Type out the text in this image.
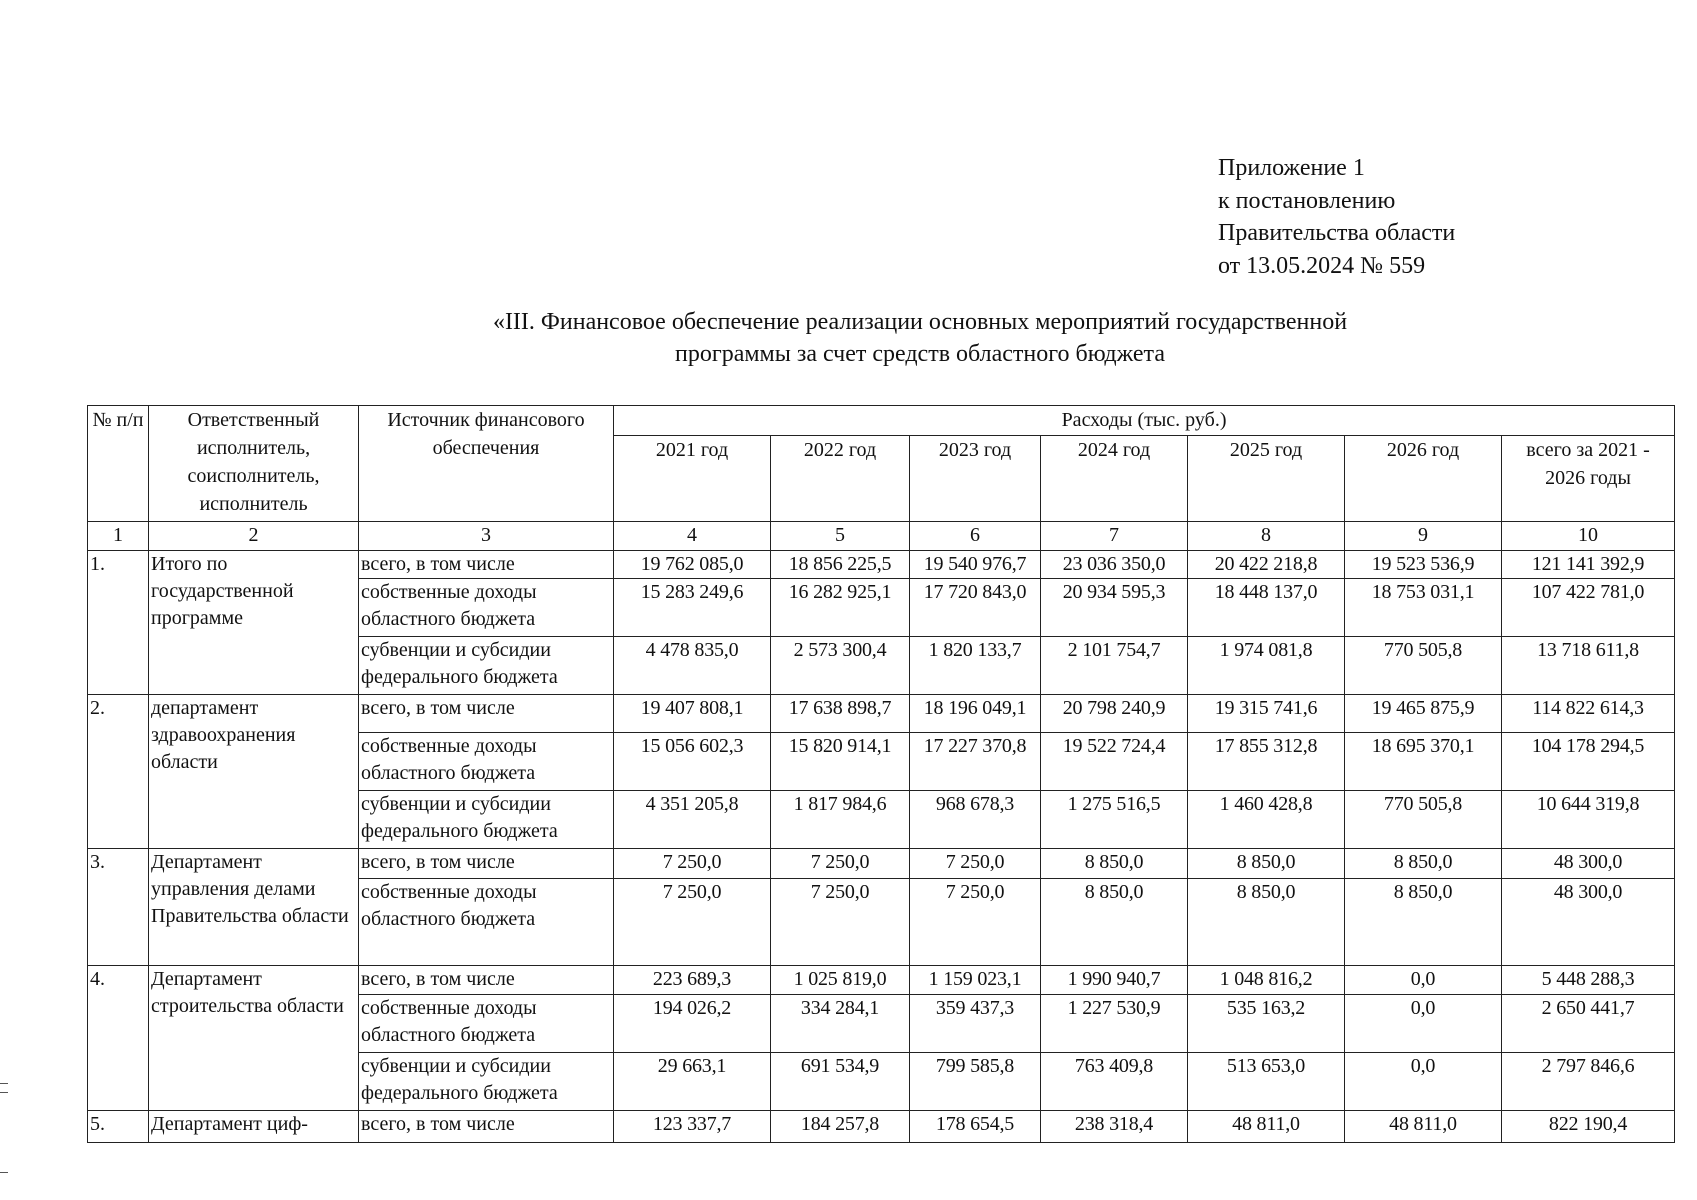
Приложение 1
к постановлению
Правительства области
от 13.05.2024 № 559
«III. Финансовое обеспечение реализации основных мероприятий государственной
программы за счет средств областного бюджета
№ п/п	Ответственный исполнитель, соисполнитель, исполнитель	Источник финансового обеспечения	Расходы (тыс. руб.)						
			2021 год	2022 год	2023 год	2024 год	2025 год	2026 год	всего за 2021 - 2026 годы
1	2	3	4	5	6	7	8	9	10
1.	Итого по государственной программе	всего, в том числе	19 762 085,0	18 856 225,5	19 540 976,7	23 036 350,0	20 422 218,8	19 523 536,9	121 141 392,9
		собственные доходы областного бюджета	15 283 249,6	16 282 925,1	17 720 843,0	20 934 595,3	18 448 137,0	18 753 031,1	107 422 781,0
		субвенции и субсидии федерального бюджета	4 478 835,0	2 573 300,4	1 820 133,7	2 101 754,7	1 974 081,8	770 505,8	13 718 611,8
2.	департамент здравоохранения области	всего, в том числе	19 407 808,1	17 638 898,7	18 196 049,1	20 798 240,9	19 315 741,6	19 465 875,9	114 822 614,3
		собственные доходы областного бюджета	15 056 602,3	15 820 914,1	17 227 370,8	19 522 724,4	17 855 312,8	18 695 370,1	104 178 294,5
		субвенции и субсидии федерального бюджета	4 351 205,8	1 817 984,6	968 678,3	1 275 516,5	1 460 428,8	770 505,8	10 644 319,8
3.	Департамент управления делами Правительства области	всего, в том числе	7 250,0	7 250,0	7 250,0	8 850,0	8 850,0	8 850,0	48 300,0
		собственные доходы областного бюджета	7 250,0	7 250,0	7 250,0	8 850,0	8 850,0	8 850,0	48 300,0
4.	Департамент строительства области	всего, в том числе	223 689,3	1 025 819,0	1 159 023,1	1 990 940,7	1 048 816,2	0,0	5 448 288,3
		собственные доходы областного бюджета	194 026,2	334 284,1	359 437,3	1 227 530,9	535 163,2	0,0	2 650 441,7
		субвенции и субсидии федерального бюджета	29 663,1	691 534,9	799 585,8	763 409,8	513 653,0	0,0	2 797 846,6
5.	Департамент циф-	всего, в том числе	123 337,7	184 257,8	178 654,5	238 318,4	48 811,0	48 811,0	822 190,4
